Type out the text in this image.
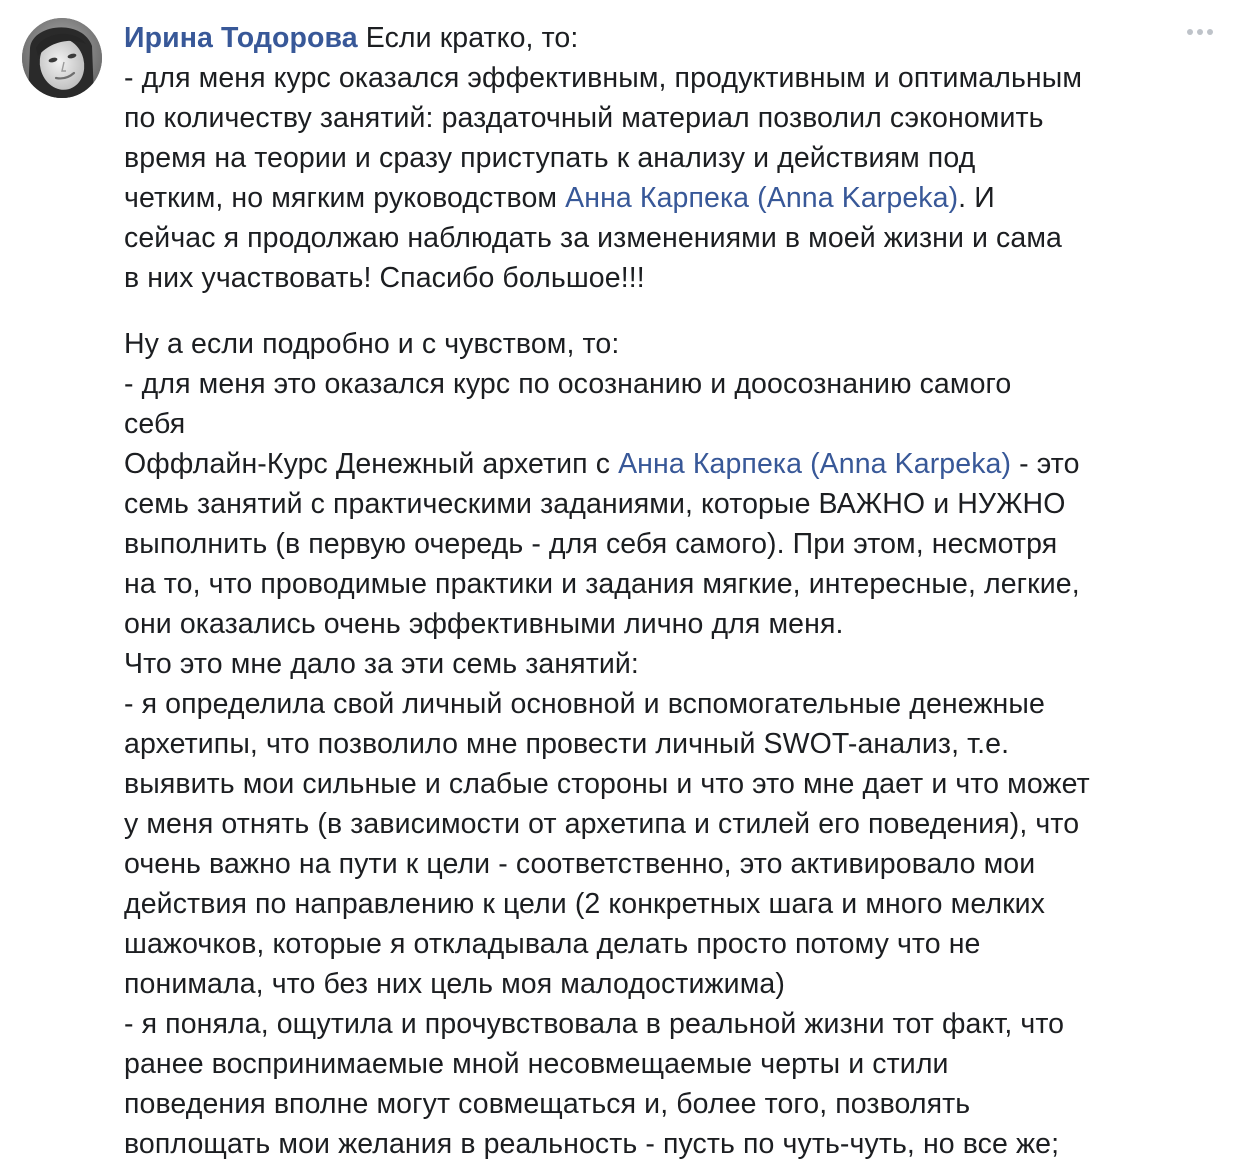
Ирина Тодорова Если кратко, то:
- для меня курс оказался эффективным, продуктивным и оптимальным
по количеству занятий: раздаточный материал позволил сэкономить
время на теории и сразу приступать к анализу и действиям под
четким, но мягким руководством Анна Карпека (Anna Karpeka). И
сейчас я продолжаю наблюдать за изменениями в моей жизни и сама
в них участвовать! Спасибо большое!!!
Ну а если подробно и с чувством, то:
- для меня это оказался курс по осознанию и доосознанию самого
себя
Оффлайн-Курс Денежный архетип с Анна Карпека (Anna Karpeka) - это
семь занятий с практическими заданиями, которые ВАЖНО и НУЖНО
выполнить (в первую очередь - для себя самого). При этом, несмотря
на то, что проводимые практики и задания мягкие, интересные, легкие,
они оказались очень эффективными лично для меня.
Что это мне дало за эти семь занятий:
- я определила свой личный основной и вспомогательные денежные
архетипы, что позволило мне провести личный SWOT-анализ, т.е.
выявить мои сильные и слабые стороны и что это мне дает и что может
у меня отнять (в зависимости от архетипа и стилей его поведения), что
очень важно на пути к цели - соответственно, это активировало мои
действия по направлению к цели (2 конкретных шага и много мелких
шажочков, которые я откладывала делать просто потому что не
понимала, что без них цель моя малодостижима)
- я поняла, ощутила и прочувствовала в реальной жизни тот факт, что
ранее воспринимаемые мной несовмещаемые черты и стили
поведения вполне могут совмещаться и, более того, позволять
воплощать мои желания в реальность - пусть по чуть-чуть, но все же;
